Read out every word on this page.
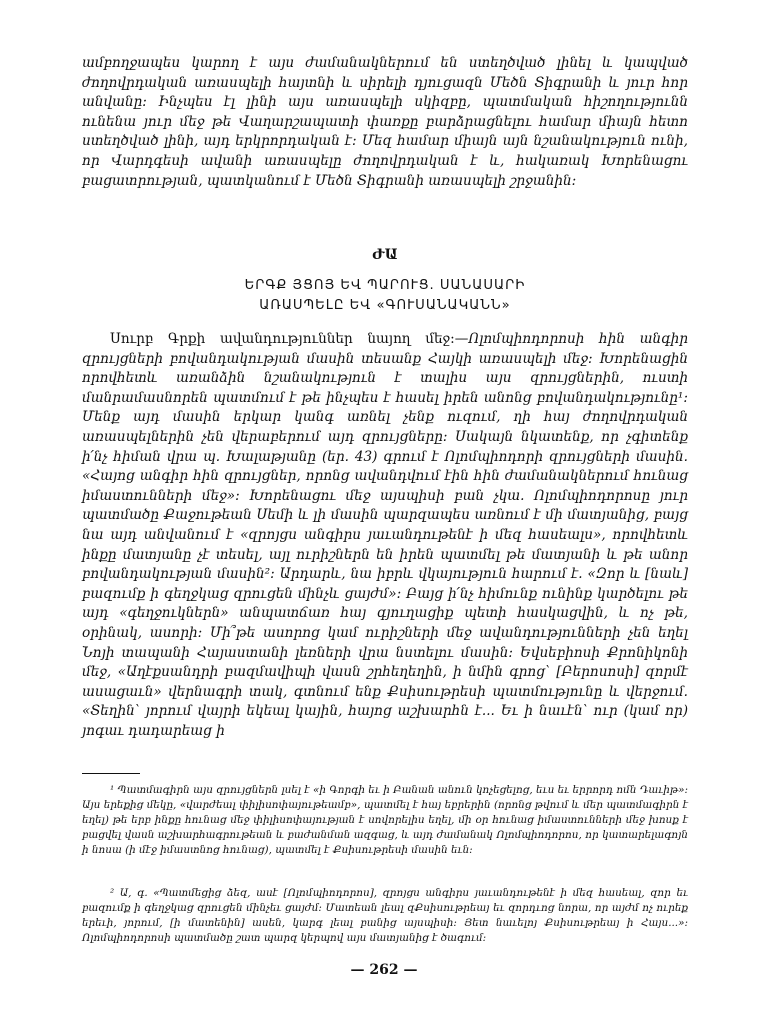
ամբողջապես կարող է այս ժամանակներում են ստեղծված լինել և կապված ժողովրդական առասպելի հայտնի և սիրելի դյուցազն Մեծն Տիգրանի և յուր հոր անվանը։ Ինչպես էլ լինի այս առասպելի սկիզբը, պատմական հիշողությունն ունենա յուր մեջ թե Վաղարշապատի փառքը բարձրացնելու համար միայն հետո ստեղծված լինի, այդ երկրորդական է։ Մեզ համար միայն այն նշանակություն ունի, որ Վարդգեսի ավանի առասպելը ժողովրդական է և, հակառակ Խորենացու բացատրության, պատկանում է Մեծն Տիգրանի առասպելի շրջանին։
ԺԱ
ԵՐԳՔ ՅՑՈՅ ԵՎ ՊԱՐՈՒՑ. ՍԱՆԱՍԱՐԻ
ԱՌԱՍՊԵԼԸ ԵՎ «ԳՈՒՍԱՆԱԿԱՆՆ»
Սուրբ Գրքի ավանդություններ նայող մեջ։—Ոլոմպիոդորոսի հին անգիր զրույցների բովանդակության մասին տեսանք Հայկի առասպելի մեջ։ Խորենացին որովհետև առանձին նշանակություն է տալիս այս զրույցներին, ուստի մանրամասնորեն պատմում է թե ինչպես է հասել իրեն անոնց բովանդակությունը¹։ Մենք այդ մասին երկար կանգ առնել չենք ուզում, ղի հայ ժողովրդական առասպելներին չեն վերաբերում այդ զրույցները։ Սակայն նկատենք, որ չգիտենք ի՛նչ հիման վրա պ. Խալաթյանը (եր. 43) գրում է Ոլոմպիոդորի զրույցների մասին. «Հայոց անգիր հին զրույցներ, որոնց ավանդվում էին հին ժամանակներում հունաց իմաստունների մեջ»։ Խորենացու մեջ այսպիսի բան չկա. Ոլոմպիոդորոսը յուր պատմածը Քաջութեան Սեմի և լի մասին պարզապես առնում է մի մատյանից, բայց նա այդ անվանում է «զրոյցս անգիրս յաւանդութենէ ի մեզ հասեալս», որովհետև ինքը մատյանը չէ տեսել, այլ ուրիշներն են իրեն պատմել թե մատյանի և թե անոր բովանդակության մասին²։ Արդարև, նա իբրև վկայություն հարում է. «Զոր և [նաև] բազումք ի գեղջկաց զրուցեն մինչև ցայժմ»։ Բայց ի՛նչ հիմունք ունինք կարծելու թե այդ «գեղջուկներն» անպատճառ հայ գյուղացիք պետի հասկացվին, և ոչ թե, օրինակ, ասորի։ Մի՞թե ասորոց կամ ուրիշների մեջ ավանդությունների չեն եղել Նոյի տապանի Հայաստանի լեռների վրա նստելու մասին։ Եվսեբիոսի Քրոնիկոնի մեջ, «Աղէքսանդրի բազմավիպի վասն շրհեղեղին, ի նմին գրոց՝ [Բերոսոսի] զորմէ ասացաւն» վերնագրի տակ, գտնում ենք Քսիսութրեսի պատմությունը և վերջում. «Տեղին՝ յորում վայրի եկեալ կային, հայոց աշխարհն է... Եւ ի նաւէն՝ ուր (կամ որ) յոգաւ դադարեաց ի
¹ Պատմագիրն այս զրույցներն լսել է «ի Գորգի եւ ի Բանան անուն կոչեցելոց, եւս եւ երրորդ ոմն Դաւիթ»։ Այս երեքից մեկը, «վարժեալ փիլիսոփայութեամբ», պատմել է հայ եբրերին (որոնց թվում և մեր պատմագիրն է եղել) թե երբ ինքը հունաց մեջ փիլիսոփայության է սովորելիս եղել, մի օր հունաց իմաստունների մեջ խոսք է բացվել վասն աշխարհագրութեան և բաժանման ազգաց, և այդ ժամանակ Ոլոմպիոդորոս, որ կատարելագոյն ի նոսա (ի մէջ իմաստնոց հունաց), պատմել է Քսիսութրեսի մասին եւն։
² Ա, գ. «Պատմեցից ձեզ, ասէ [Ոլոմպիոդորոս], զրոյցս անգիրս յաւանդութենէ ի մեզ հասեալ, զոր եւ բազումք ի գեղջկաց զրուցեն մինչեւ ցայժմ։ Մատեան լեալ զՔսիսութրեայ եւ զորդւոց նորա, որ այժմ ոչ ուրեք երեւի, յորում, [ի մատենին] ասեն, կարգ լեալ բանից այսպիսի։ Յետ նաւելոյ Քսիսութրեայ ի Հայս...»։ Ոլոմպիոդորոսի պատմածը շատ պարզ կերպով այս մատյանից է ծագում։
— 262 —
